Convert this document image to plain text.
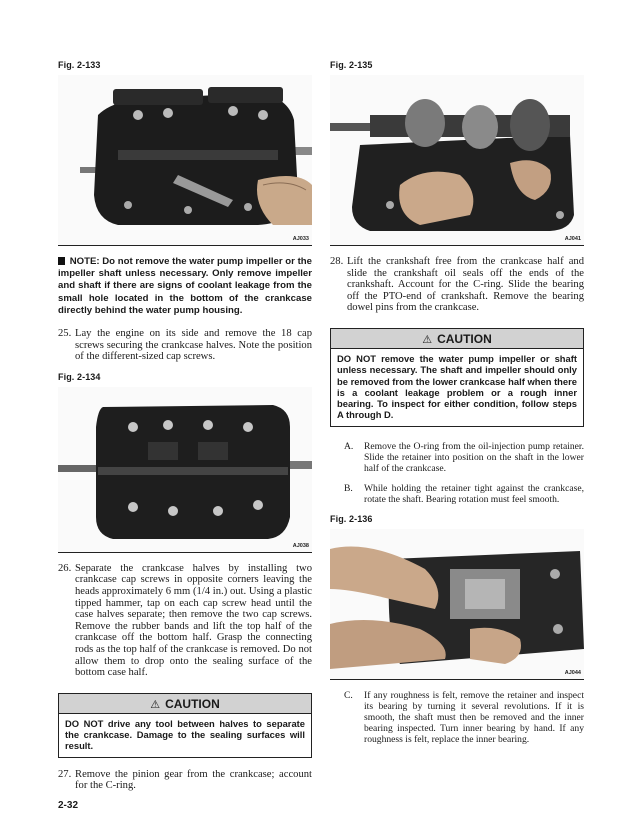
Fig. 2-133
AJ033

NOTE: Do not remove the water pump impeller or the impeller shaft unless necessary. Only remove impeller and shaft if there are signs of coolant leakage from the small hole located in the bottom of the crankcase directly behind the water pump housing.

25. Lay the engine on its side and remove the 18 cap screws securing the crankcase halves. Note the position of the different-sized cap screws.

Fig. 2-134
AJ038

26. Separate the crankcase halves by installing two crankcase cap screws in opposite corners leaving the heads approximately 6 mm (1/4 in.) out. Using a plastic tipped hammer, tap on each cap screw head until the case halves separate; then remove the two cap screws. Remove the rubber bands and lift the top half of the crankcase off the bottom half. Grasp the connecting rods as the top half of the crankcase is removed. Do not allow them to drop onto the sealing surface of the bottom case half.

⚠ CAUTION
DO NOT drive any tool between halves to separate the crankcase. Damage to the sealing surfaces will result.

27. Remove the pinion gear from the crankcase; account for the C-ring.

Fig. 2-135
AJ041

28. Lift the crankshaft free from the crankcase half and slide the crankshaft oil seals off the ends of the crankshaft. Account for the C-ring. Slide the bearing off the PTO-end of crankshaft. Remove the bearing dowel pins from the crankcase.

⚠ CAUTION
DO NOT remove the water pump impeller or shaft unless necessary. The shaft and impeller should only be removed from the lower crankcase half when there is a coolant leakage problem or a rough inner bearing. To inspect for either condition, follow steps A through D.

A. Remove the O-ring from the oil-injection pump retainer. Slide the retainer into position on the shaft in the lower half of the crankcase.

B. While holding the retainer tight against the crankcase, rotate the shaft. Bearing rotation must feel smooth.

Fig. 2-136
AJ044

C. If any roughness is felt, remove the retainer and inspect its bearing by turning it several revolutions. If it is smooth, the shaft must then be removed and the inner bearing inspected. Turn inner bearing by hand. If any roughness is felt, replace the inner bearing.

2-32
